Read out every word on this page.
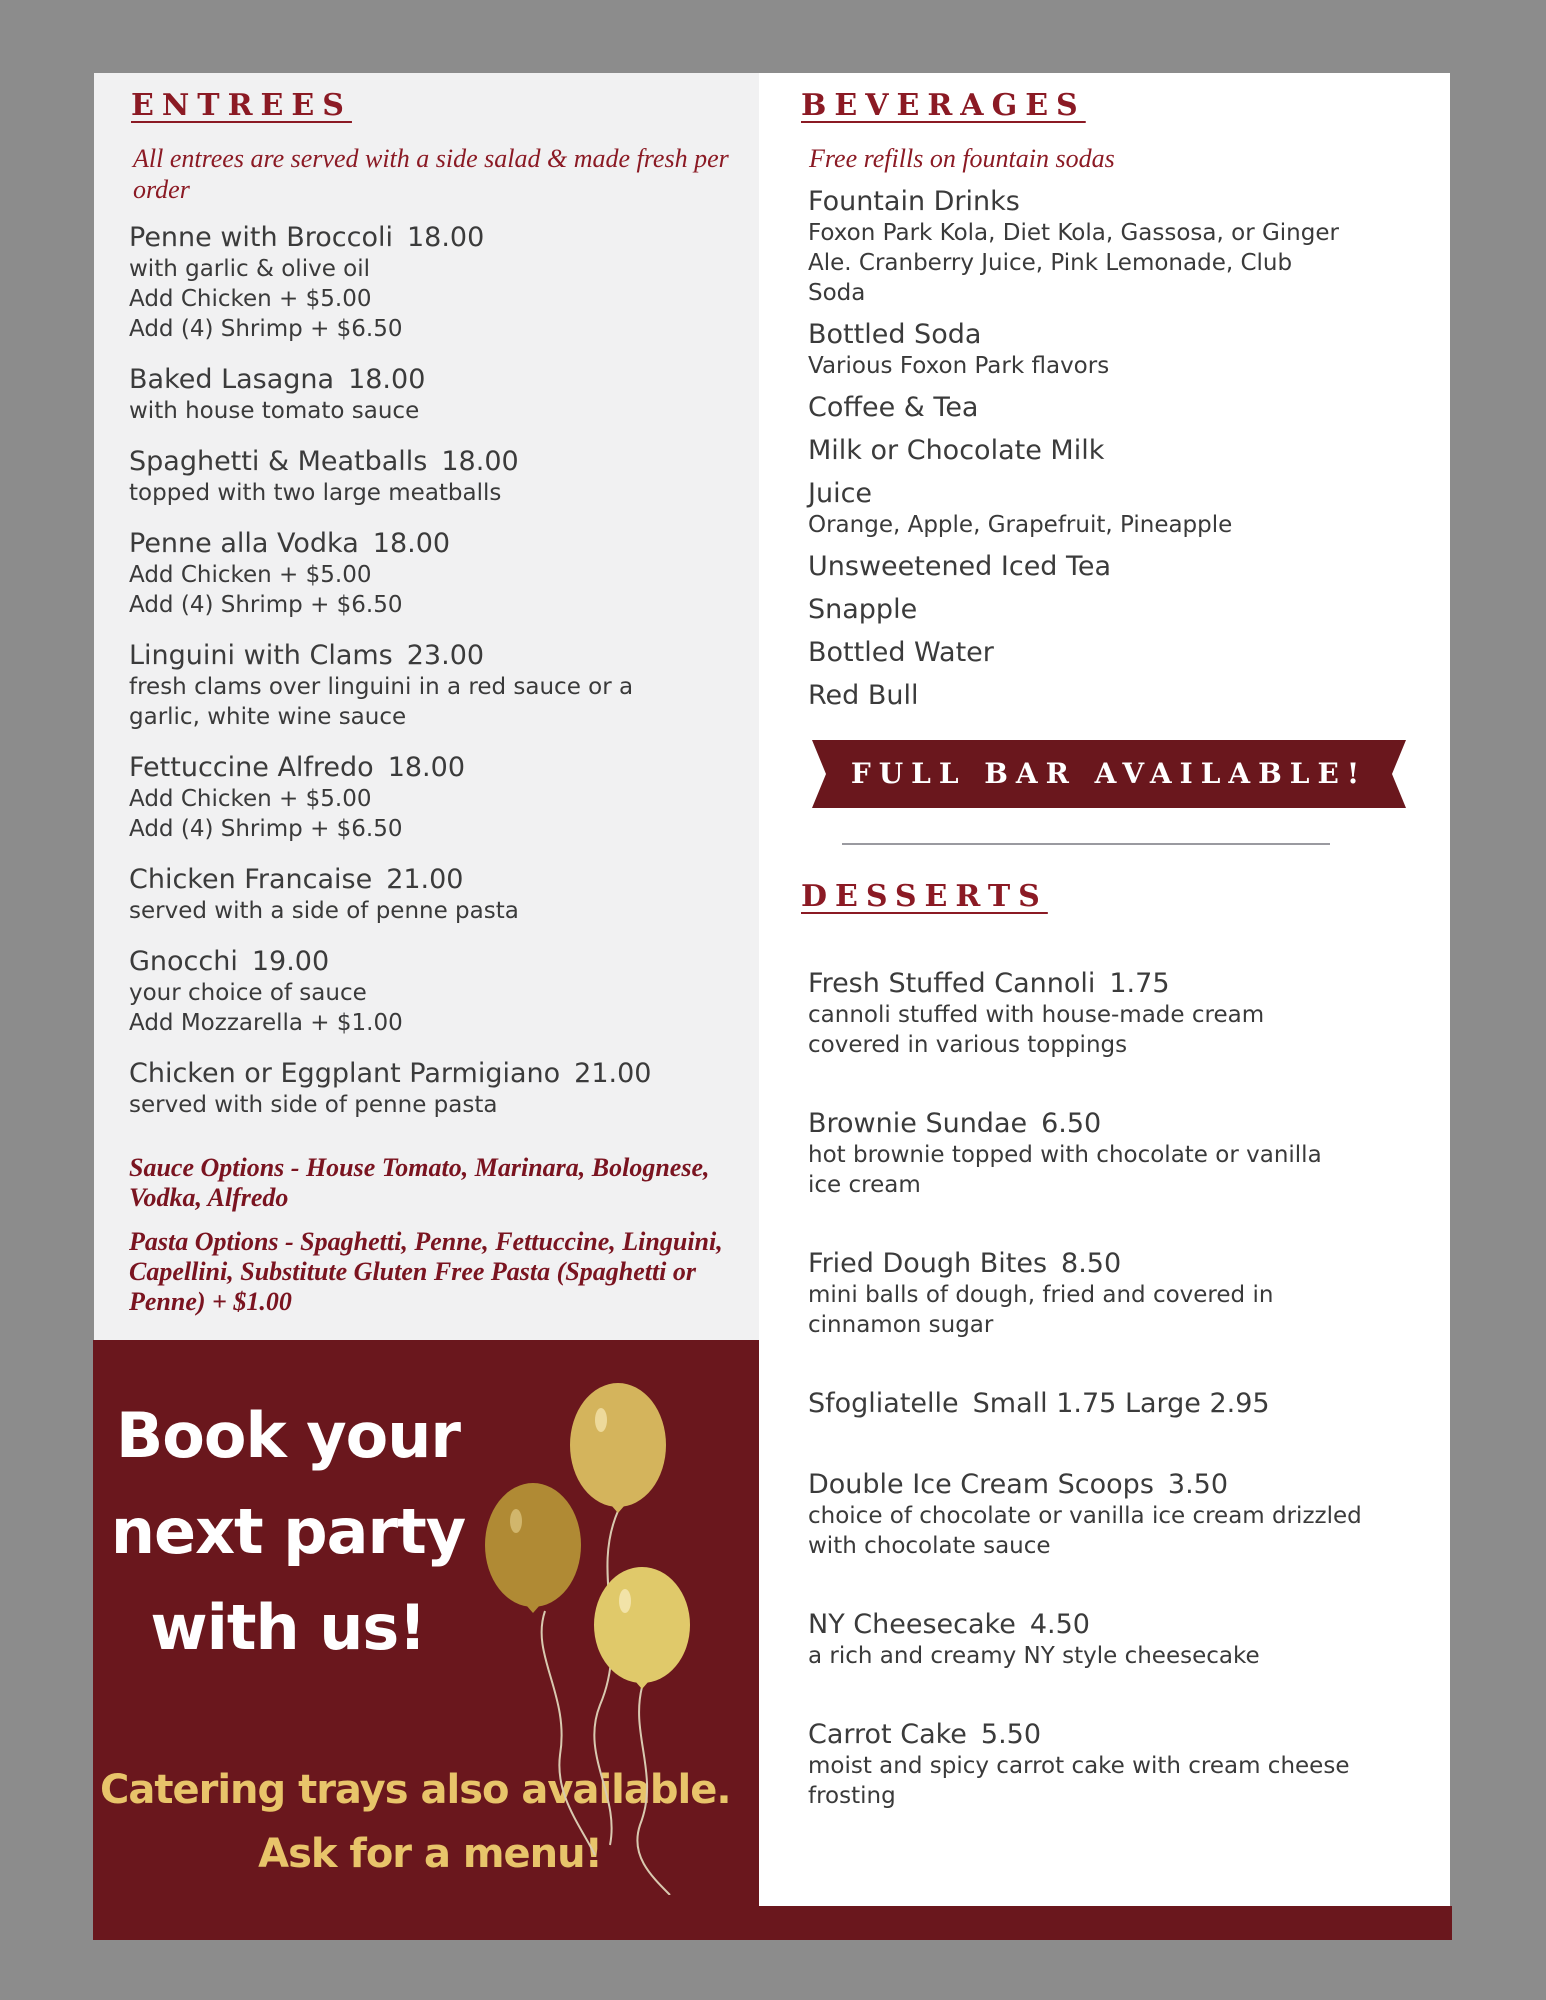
ENTREES

All entrees are served with a side salad & made fresh per order

Penne with Broccoli 18.00
with garlic & olive oil
Add Chicken + $5.00
Add (4) Shrimp + $6.50
Baked Lasagna 18.00
with house tomato sauce
Spaghetti & Meatballs 18.00
topped with two large meatballs
Penne alla Vodka 18.00
Add Chicken + $5.00
Add (4) Shrimp + $6.50
Linguini with Clams 23.00
fresh clams over linguini in a red sauce or a
garlic, white wine sauce
Fettuccine Alfredo 18.00
Add Chicken + $5.00
Add (4) Shrimp + $6.50
Chicken Francaise 21.00
served with a side of penne pasta
Gnocchi 19.00
your choice of sauce
Add Mozzarella + $1.00
Chicken or Eggplant Parmigiano 21.00
served with side of penne pasta

Sauce Options - House Tomato, Marinara, Bolognese, Vodka, Alfredo

Pasta Options - Spaghetti, Penne, Fettuccine, Linguini, Capellini, Substitute Gluten Free Pasta (Spaghetti or Penne) + $1.00

BEVERAGES

Free refills on fountain sodas

Fountain Drinks
Foxon Park Kola, Diet Kola, Gassosa, or Ginger
Ale. Cranberry Juice, Pink Lemonade, Club
Soda
Bottled Soda
Various Foxon Park flavors
Coffee & Tea
Milk or Chocolate Milk
Juice
Orange, Apple, Grapefruit, Pineapple
Unsweetened Iced Tea
Snapple
Bottled Water
Red Bull
FULL BAR AVAILABLE!
DESSERTS
Fresh Stuffed Cannoli 1.75
cannoli stuffed with house-made cream
covered in various toppings
Brownie Sundae 6.50
hot brownie topped with chocolate or vanilla
ice cream
Fried Dough Bites 8.50
mini balls of dough, fried and covered in
cinnamon sugar
Sfogliatelle Small 1.75 Large 2.95
Double Ice Cream Scoops 3.50
choice of chocolate or vanilla ice cream drizzled
with chocolate sauce
NY Cheesecake 4.50
a rich and creamy NY style cheesecake
Carrot Cake 5.50
moist and spicy carrot cake with cream cheese
frosting
Book your
next party
with us!
Catering trays also available.
Ask for a menu!
